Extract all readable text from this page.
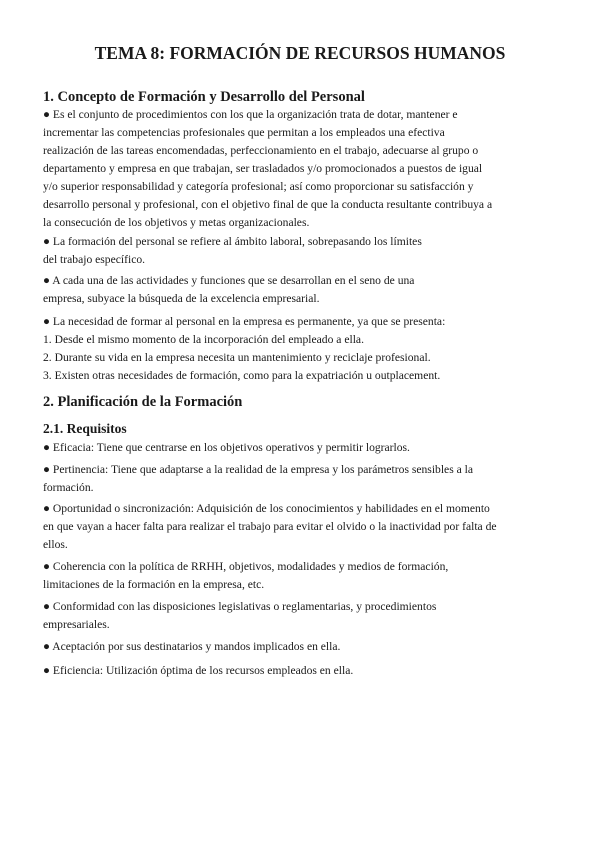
TEMA 8: FORMACIÓN DE RECURSOS HUMANOS
1. Concepto de Formación y Desarrollo del Personal

● Es el conjunto de procedimientos con los que la organización trata de dotar, mantener e
incrementar las competencias profesionales que permitan a los empleados una efectiva
realización de las tareas encomendadas, perfeccionamiento en el trabajo, adecuarse al grupo o
departamento y empresa en que trabajan, ser trasladados y/o promocionados a puestos de igual
y/o superior responsabilidad y categoría profesional; así como proporcionar su satisfacción y
desarrollo personal y profesional, con el objetivo final de que la conducta resultante contribuya a
la consecución de los objetivos y metas organizacionales.

● La formación del personal se refiere al ámbito laboral, sobrepasando los límites
del trabajo específico.

● A cada una de las actividades y funciones que se desarrollan en el seno de una
empresa, subyace la búsqueda de la excelencia empresarial.

● La necesidad de formar al personal en la empresa es permanente, ya que se presenta:
1. Desde el mismo momento de la incorporación del empleado a ella.
2. Durante su vida en la empresa necesita un mantenimiento y reciclaje profesional.
3. Existen otras necesidades de formación, como para la expatriación u outplacement.

2. Planificación de la Formación
2.1. Requisitos

● Eficacia: Tiene que centrarse en los objetivos operativos y permitir lograrlos.

● Pertinencia: Tiene que adaptarse a la realidad de la empresa y los parámetros sensibles a la
formación.

● Oportunidad o sincronización: Adquisición de los conocimientos y habilidades en el momento
en que vayan a hacer falta para realizar el trabajo para evitar el olvido o la inactividad por falta de
ellos.

● Coherencia con la política de RRHH, objetivos, modalidades y medios de formación,
limitaciones de la formación en la empresa, etc.

● Conformidad con las disposiciones legislativas o reglamentarias, y procedimientos
empresariales.

● Aceptación por sus destinatarios y mandos implicados en ella.

● Eficiencia: Utilización óptima de los recursos empleados en ella.
